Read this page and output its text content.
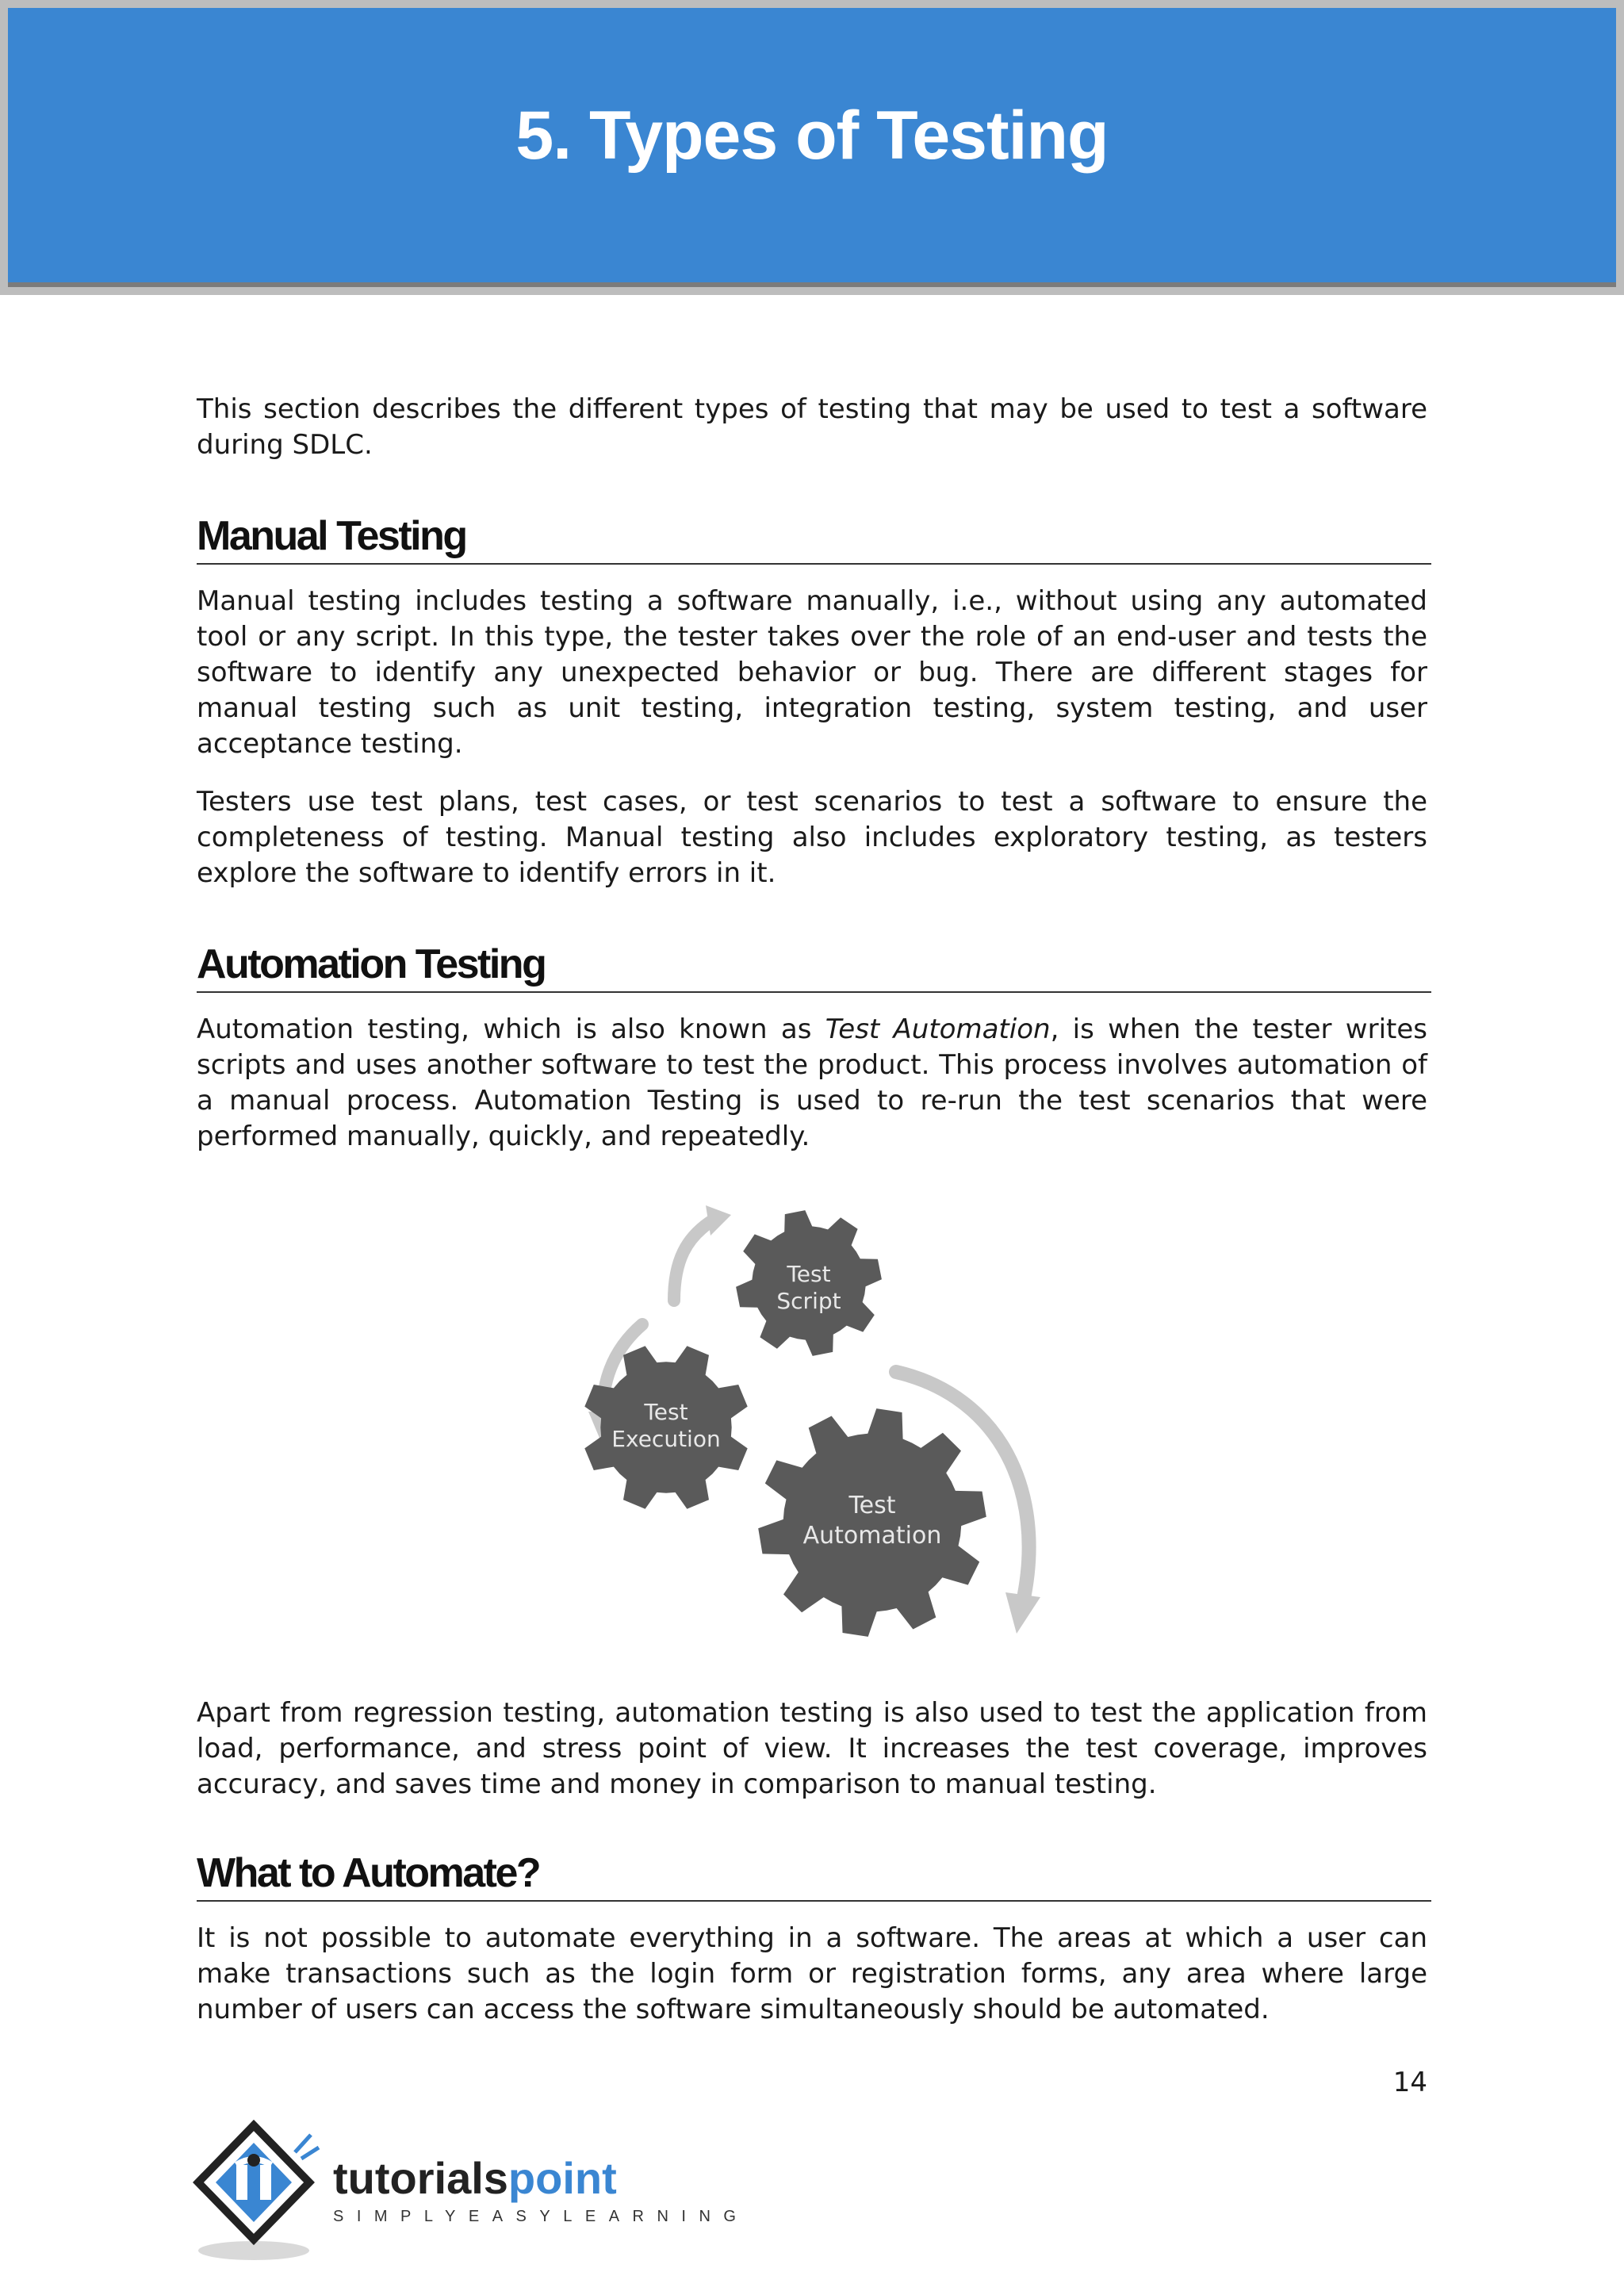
5. Types of Testing

This section describes the different types of testing that may be used to test a software during SDLC.

Manual Testing

Manual testing includes testing a software manually, i.e., without using any automated tool or any script. In this type, the tester takes over the role of an end-user and tests the software to identify any unexpected behavior or bug. There are different stages for manual testing such as unit testing, integration testing, system testing, and user acceptance testing.

Testers use test plans, test cases, or test scenarios to test a software to ensure the completeness of testing. Manual testing also includes exploratory testing, as testers explore the software to identify errors in it.

Automation Testing

Automation testing, which is also known as Test Automation, is when the tester writes scripts and uses another software to test the product. This process involves automation of a manual process. Automation Testing is used to re-run the test scenarios that were performed manually, quickly, and repeatedly.

Test
Script
Test
Execution
Test
Automation

Apart from regression testing, automation testing is also used to test the application from load, performance, and stress point of view. It increases the test coverage, improves accuracy, and saves time and money in comparison to manual testing.

What to Automate?

It is not possible to automate everything in a software. The areas at which a user can make transactions such as the login form or registration forms, any area where large number of users can access the software simultaneously should be automated.

14
tutorialspoint
SIMPLYEASYLEARNING
